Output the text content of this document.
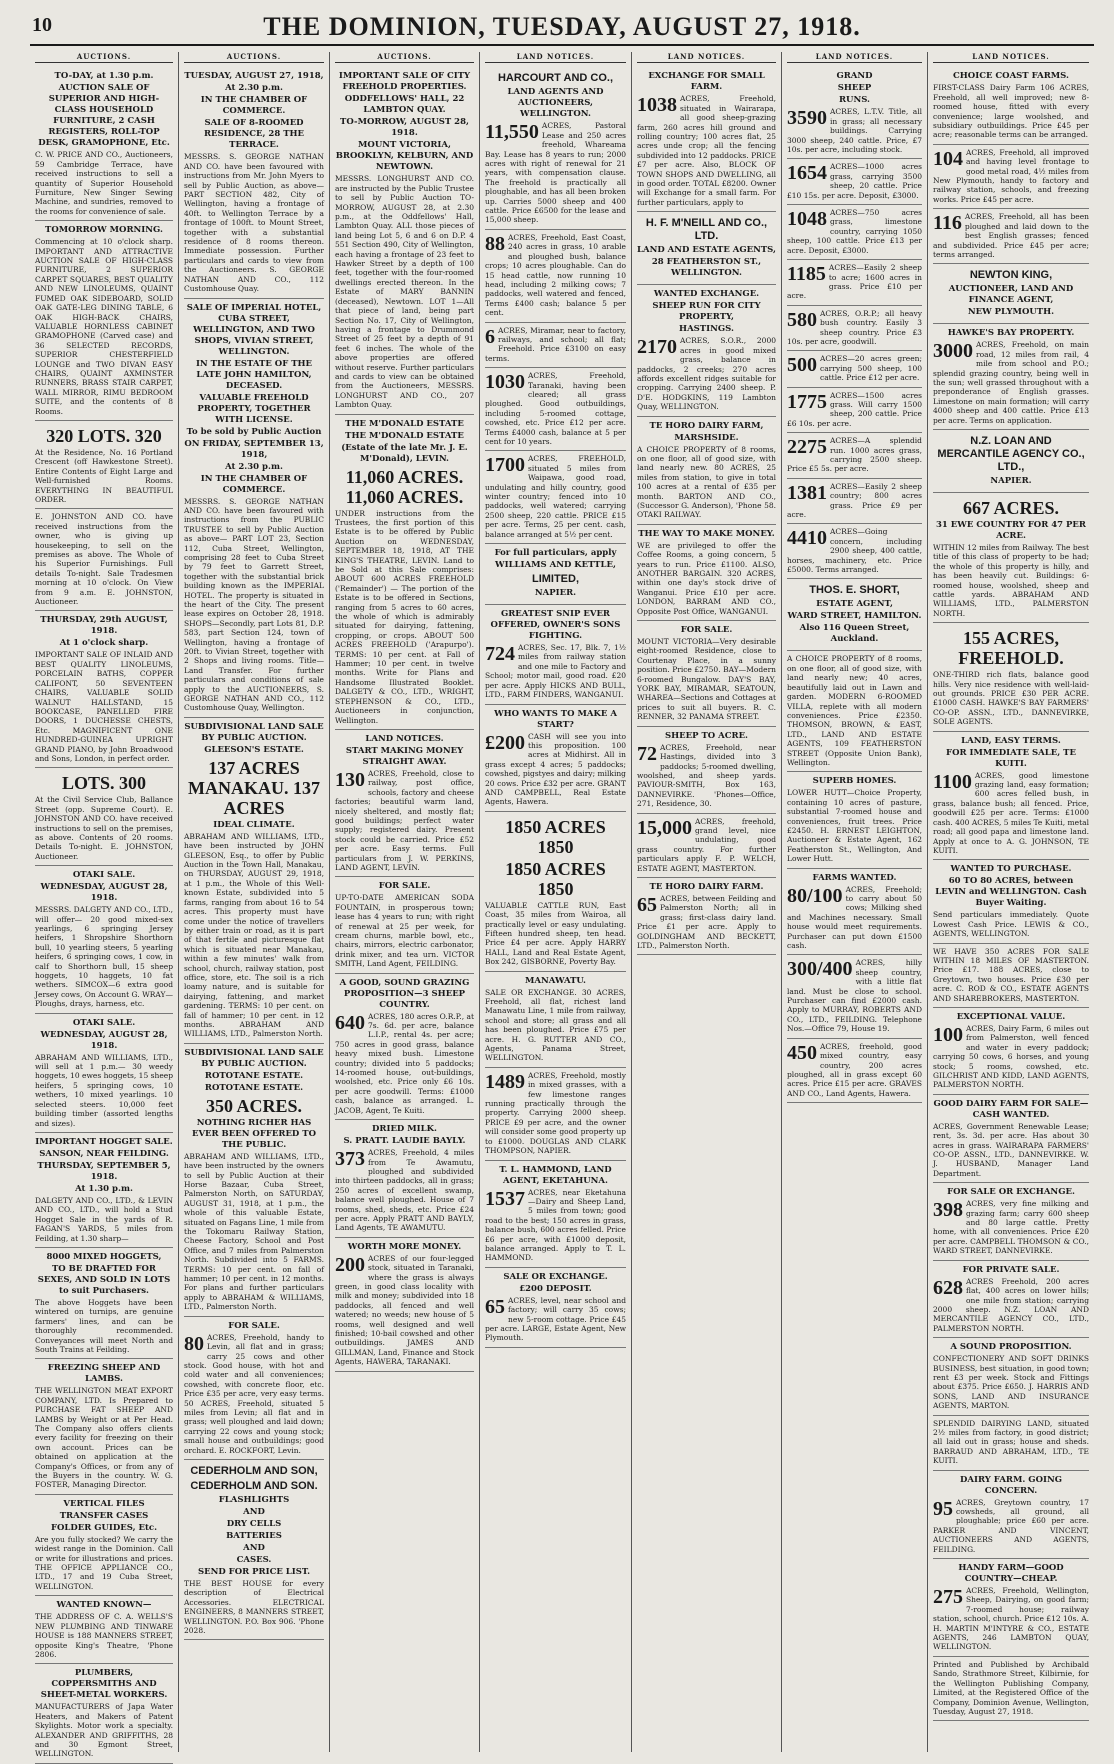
10	THE DOMINION, TUESDAY, AUGUST 27, 1918.
AUCTIONS.
TO-DAY, at 1.30 p.m.
AUCTION SALE OF SUPERIOR AND HIGH-CLASS HOUSEHOLD FURNITURE, 2 CASH REGISTERS, ROLL-TOP DESK, GRAMOPHONE, Etc.

C. W. PRICE AND CO., Auctioneers, 59 Cambridge Terrace, have received instructions to sell a quantity of Superior Household Furniture, New Singer Sewing Machine, and sundries, removed to the rooms for convenience of sale.

TOMORROW MORNING.

Commencing at 10 o'clock sharp. IMPORTANT AND ATTRACTIVE AUCTION SALE OF HIGH-CLASS FURNITURE, 2 SUPERIOR CARPET SQUARES, BEST QUALITY AND NEW LINOLEUMS, QUAINT FUMED OAK SIDEBOARD, SOLID OAK GATE-LEG DINING TABLE, 6 OAK HIGH-BACK CHAIRS, VALUABLE HORNLESS CABINET GRAMOPHONE (Carved case) and 36 SELECTED RECORDS, SUPERIOR CHESTERFIELD LOUNGE and TWO DIVAN EASY CHAIRS, QUAINT AXMINSTER RUNNERS, BRASS STAIR CARPET, WALL MIRROR, RIMU BEDROOM SUITE, and the contents of 8 Rooms.

320 LOTS. 320

At the Residence, No. 16 Portland Crescent (off Hawkestone Street). Entire Contents of Eight Large and Well-furnished Rooms. EVERYTHING IN BEAUTIFUL ORDER.

E. JOHNSTON AND CO. have received instructions from the owner, who is giving up housekeeping, to sell on the premises as above. The Whole of his Superior Furnishings. Full details To-night. Sale Tradesmen morning at 10 o'clock. On View from 9 a.m. E. JOHNSTON, Auctioneer.

THURSDAY, 29th AUGUST, 1918.
At 1 o'clock sharp.

IMPORTANT SALE OF INLAID AND BEST QUALITY LINOLEUMS, PORCELAIN BATHS, COPPER CALIFONT, 50 SEVENTEEN CHAIRS, VALUABLE SOLID WALNUT HALLSTAND, 15 BOOKCASE, PANELLED FIRE DOORS, 1 DUCHESSE CHESTS, Etc. MAGNIFICENT ONE HUNDRED-GUINEA UPRIGHT GRAND PIANO, by John Broadwood and Sons, London, in perfect order.

LOTS. 300

At the Civil Service Club, Ballance Street (opp. Supreme Court). E. JOHNSTON AND CO. have received instructions to sell on the premises, as above. Contents of 20 rooms. Details To-night. E. JOHNSTON, Auctioneer.

OTAKI SALE.
WEDNESDAY, AUGUST 28, 1918.

MESSRS. DALGETY AND CO., LTD., will offer— 20 good mixed-sex yearlings, 6 springing Jersey heifers, 1 Shropshire Shorthorn bull, 10 yearling steers, 5 yearling heifers, 6 springing cows, 1 cow, in calf to Shorthorn bull, 15 sheep hoggets, 10 haggets, 10 fat wethers. SIMCOX—6 extra good Jersey cows, On Account G. WRAY—Ploughs, drays, harness, etc.

OTAKI SALE.
WEDNESDAY, AUGUST 28, 1918.

ABRAHAM AND WILLIAMS, LTD., will sell at 1 p.m.— 30 weedy hoggets, 10 ewes hoggets, 15 sheep heifers, 5 springing cows, 10 wethers, 10 mixed yearlings. 10 selected steers. 10,000 feet building timber (assorted lengths and sizes).

IMPORTANT HOGGET SALE.
SANSON, NEAR FEILDING.
THURSDAY, SEPTEMBER 5, 1918.
At 1.30 p.m.

DALGETY AND CO., LTD., & LEVIN AND CO., LTD., will hold a Stud Hogget Sale in the yards of R. FAGAN'S YARDS, 5 miles from Feilding, at 1.30 sharp—

8000 MIXED HOGGETS,
TO BE DRAFTED FOR SEXES, AND SOLD IN LOTS to suit Purchasers.

The above Hoggets have been wintered on turnips, are genuine farmers' lines, and can be thoroughly recommended. Conveyances will meet North and South Trains at Feilding.

FREEZING SHEEP AND LAMBS.

THE WELLINGTON MEAT EXPORT COMPANY, LTD. Is Prepared to PURCHASE FAT SHEEP AND LAMBS by Weight or at Per Head. The Company also offers clients every facility for freezing on their own account. Prices can be obtained on application at the Company's Offices, or from any of the Buyers in the country. W. G. FOSTER, Managing Director.

VERTICAL FILES
TRANSFER CASES
FOLDER GUIDES, Etc.

Are you fully stocked? We carry the widest range in the Dominion. Call or write for illustrations and prices. THE OFFICE APPLIANCE CO., LTD., 17 and 19 Cuba Street, WELLINGTON.

WANTED KNOWN—

THE ADDRESS OF C. A. WELLS'S NEW PLUMBING AND TINWARE HOUSE is 188 MANNERS STREET, opposite King's Theatre, 'Phone 2806.

PLUMBERS, COPPERSMITHS AND SHEET-METAL WORKERS.

MANUFACTURERS of Japa Water Heaters, and Makers of Patent Skylights. Motor work a specialty. ALEXANDER AND GRIFFITHS, 28 and 30 Egmont Street, WELLINGTON.

AUCTIONS.
TUESDAY, AUGUST 27, 1918,
At 2.30 p.m.
IN THE CHAMBER OF COMMERCE.
SALE OF 8-ROOMED RESIDENCE, 28 THE TERRACE.

MESSRS. S. GEORGE NATHAN AND CO. have been favoured with instructions from Mr. John Myers to sell by Public Auction, as above— PART SECTION 482, City of Wellington, having a frontage of 40ft. to Wellington Terrace by a frontage of 100ft. to Mount Street, together with a substantial residence of 8 rooms thereon. Immediate possession. Further particulars and cards to view from the Auctioneers. S. GEORGE NATHAN AND CO., 112 Customhouse Quay.

SALE OF IMPERIAL HOTEL, CUBA STREET, WELLINGTON, AND TWO SHOPS, VIVIAN STREET, WELLINGTON.
IN THE ESTATE OF THE LATE JOHN HAMILTON, DECEASED.
VALUABLE FREEHOLD PROPERTY, TOGETHER WITH LICENSE.
To be sold by Public Auction
ON FRIDAY, SEPTEMBER 13, 1918,
At 2.30 p.m.
IN THE CHAMBER OF COMMERCE.

MESSRS. S. GEORGE NATHAN AND CO. have been favoured with instructions from the PUBLIC TRUSTEE to sell by Public Auction as above— PART LOT 23, Section 112, Cuba Street, Wellington, comprising 28 feet to Cuba Street by 79 feet to Garrett Street, together with the substantial brick building known as the IMPERIAL HOTEL. The property is situated in the heart of the City. The present lease expires on October 28, 1918. SHOPS—Secondly, part Lots 81, D.P. 583, part Section 124, town of Wellington, having a frontage of 20ft. to Vivian Street, together with 2 Shops and living rooms. Title—Land Transfer. For further particulars and conditions of sale apply to the AUCTIONEERS, S. GEORGE NATHAN AND CO., 112 Customhouse Quay, Wellington.

SUBDIVISIONAL LAND SALE BY PUBLIC AUCTION.
GLEESON'S ESTATE.
137 ACRES MANAKAU. 137 ACRES
IDEAL CLIMATE.

ABRAHAM AND WILLIAMS, LTD., have been instructed by JOHN GLEESON, Esq., to offer by Public Auction in the Town Hall, Manakau, on THURSDAY, AUGUST 29, 1918, at 1 p.m., the Whole of this Well-known Estate, subdivided into 5 farms, ranging from about 16 to 54 acres. This property must have come under the notice of travellers by either train or road, as it is part of that fertile and picturesque flat which is situated near Manakau, within a few minutes' walk from school, church, railway station, post office, store, etc. The soil is a rich loamy nature, and is suitable for dairying, fattening, and market gardening. TERMS: 10 per cent. on fall of hammer; 10 per cent. in 12 months. ABRAHAM AND WILLIAMS, LTD., Palmerston North.

SUBDIVISIONAL LAND SALE BY PUBLIC AUCTION.
ROTOTANE ESTATE.
ROTOTANE ESTATE.
350 ACRES.
NOTHING RICHER HAS EVER BEEN OFFERED TO THE PUBLIC.

ABRAHAM AND WILLIAMS, LTD., have been instructed by the owners to sell by Public Auction at their Horse Bazaar, Cuba Street, Palmerston North, on SATURDAY, AUGUST 31, 1918, at 1 p.m., the whole of this valuable Estate, situated on Fagans Line, 1 mile from the Tokomaru Railway Station, Cheese Factory, School and Post Office, and 7 miles from Palmerston North. Subdivided into 5 FARMS. TERMS: 10 per cent. on fall of hammer; 10 per cent. in 12 months. For plans and further particulars apply to ABRAHAM & WILLIAMS, LTD., Palmerston North.

FOR SALE.
80 ACRES, Freehold, handy to Levin, all flat and in grass; carry 25 cows and other stock. Good house, with hot and cold water and all conveniences; cowshed, with concrete floor, etc. Price £35 per acre, very easy terms. 50 ACRES, Freehold, situated 5 miles from Levin; all flat and in grass; well ploughed and laid down; carrying 22 cows and young stock; small house and outbuildings; good orchard. E. ROCKFORT, Levin.

CEDERHOLM AND SON,
CEDERHOLM AND SON.
FLASHLIGHTS
AND
DRY CELLS
BATTERIES
AND
CASES.
SEND FOR PRICE LIST.

THE BEST HOUSE for every description of Electrical Accessories. ELECTRICAL ENGINEERS, 8 MANNERS STREET, WELLINGTON. P.O. Box 906. 'Phone 2028.

AUCTIONS.
IMPORTANT SALE OF CITY FREEHOLD PROPERTIES.
ODDFELLOWS' HALL, 22 LAMBTON QUAY.
TO-MORROW, AUGUST 28, 1918.
MOUNT VICTORIA, BROOKLYN, KELBURN, AND NEWTOWN.

MESSRS. LONGHURST AND CO. are instructed by the Public Trustee to sell by Public Auction TO-MORROW, AUGUST 28, at 2.30 p.m., at the Oddfellows' Hall, Lambton Quay. ALL those pieces of land being Lot 5, 6 and 6 on D.P. 4 551 Section 490, City of Wellington, each having a frontage of 23 feet to Hawker Street by a depth of 100 feet, together with the four-roomed dwellings erected thereon. In the Estate of MARY BANNIN (deceased), Newtown. LOT 1—All that piece of land, being part Section No. 17, City of Wellington, having a frontage to Drummond Street of 25 feet by a depth of 91 feet 6 inches. The whole of the above properties are offered without reserve. Further particulars and cards to view can be obtained from the Auctioneers, MESSRS. LONGHURST AND CO., 207 Lambton Quay.

THE M'DONALD ESTATE
THE M'DONALD ESTATE
(Estate of the late Mr. J. E. M'Donald), LEVIN.
11,060 ACRES. 11,060 ACRES.

UNDER instructions from the Trustees, the first portion of this Estate is to be offered by Public Auction on WEDNESDAY, SEPTEMBER 18, 1918, AT THE KING'S THEATRE, LEVIN. Land to be Sold at this Sale comprises: ABOUT 600 ACRES FREEHOLD ('Remainder') — The portion of the Estate is to be offered in Sections, ranging from 5 acres to 60 acres, the whole of which is admirably situated for dairying, fattening, cropping, or crops. ABOUT 500 ACRES FREEHOLD ('Arapurpo'). TERMS: 10 per cent. at Fall of Hammer; 10 per cent. in twelve months. Write for Plans and Handsome Illustrated Booklet. DALGETY & CO., LTD., WRIGHT, STEPHENSON & CO., LTD., Auctioneers in conjunction, Wellington.

LAND NOTICES.
START MAKING MONEY STRAIGHT AWAY.
130 ACRES, Freehold, close to railway, post office, schools, factory and cheese factories; beautiful warm land, nicely sheltered, and mostly flat; good buildings; perfect water supply; registered dairy. Present stock could be carried. Price £52 per acre. Easy terms. Full particulars from J. W. PERKINS, LAND AGENT, LEVIN.

FOR SALE.

UP-TO-DATE AMERICAN SODA FOUNTAIN, in prosperous town; lease has 4 years to run; with right of renewal at 25 per week, for cream churns, marble bowl, etc., chairs, mirrors, electric carbonator, drink mixer, and tea urn. VICTOR SMITH, Land Agent, FEILDING.

A GOOD, SOUND GRAZING PROPOSITION—3 SHEEP COUNTRY.
640 ACRES, 180 acres O.R.P., at 7s. 6d. per acre, balance L.I.P., rental 4s. per acre; 750 acres in good grass, balance heavy mixed bush. Limestone country; divided into 5 paddocks; 14-roomed house, out-buildings, woolshed, etc. Price only £6 10s. per acre goodwill. Terms: £1000 cash, balance as arranged. L. JACOB, Agent, Te Kuiti.

DRIED MILK.
S. PRATT. LAUDIE BAYLY.
373 ACRES, Freehold, 4 miles from Te Awamutu, ploughed and subdivided into thirteen paddocks, all in grass; 250 acres of excellent swamp, balance well ploughed. House of 7 rooms, shed, sheds, etc. Price £24 per acre. Apply PRATT AND BAYLY, Land Agents, TE AWAMUTU.

WORTH MORE MONEY.
200 ACRES of our four-legged stock, situated in Taranaki, where the grass is always green, in good class locality with milk and money; subdivided into 18 paddocks, all fenced and well watered; no weeds; new house of 5 rooms, well designed and well finished; 10-bail cowshed and other outbuildings. JAMES AND GILLMAN, Land, Finance and Stock Agents, HAWERA, TARANAKI.

LAND NOTICES.
HARCOURT AND CO.,
LAND AGENTS AND AUCTIONEERS, WELLINGTON.
11,550 ACRES, Pastoral Lease and 250 acres freehold, Whareama Bay. Lease has 8 years to run; 2000 acres with right of renewal for 21 years, with compensation clause. The freehold is practically all ploughable, and has all been broken up. Carries 5000 sheep and 400 cattle. Price £6500 for the lease and 15,000 sheep.

88 ACRES, Freehold, East Coast, 240 acres in grass, 10 arable and ploughed bush, balance crops; 10 acres ploughable. Can do 15 head cattle, now running 10 head, including 2 milking cows; 7 paddocks, well watered and fenced, Terms £400 cash; balance 5 per cent.

6 ACRES, Miramar, near to factory, railways, and school; all flat; Freehold. Price £3100 on easy terms.

1030 ACRES, Freehold, Taranaki, having been cleared; all grass ploughed. Good outbuildings, including 5-roomed cottage, cowshed, etc. Price £12 per acre. Terms £4000 cash, balance at 5 per cent for 10 years.

1700 ACRES, FREEHOLD, situated 5 miles from Waipawa, good road, undulating and hilly country, good winter country; fenced into 10 paddocks, well watered; carrying 2500 sheep, 220 cattle. PRICE £15 per acre. Terms, 25 per cent. cash, balance arranged at 5½ per cent.

For full particulars, apply
WILLIAMS AND KETTLE,
LIMITED,
NAPIER.
GREATEST SNIP EVER OFFERED, OWNER'S SONS FIGHTING.
724 ACRES, Sec. 17, Blk. 7, 1½ miles from railway station and one mile to Factory and School; motor mail, good road. £20 per acre. Apply HICKS AND BULL, LTD., FARM FINDERS, WANGANUI.

WHO WANTS TO MAKE A START?
£200 CASH will see you into this proposition. 100 acres at Midhirst. All in grass except 4 acres; 5 paddocks; cowshed, pigstyes and dairy; milking 20 cows. Price £32 per acre. GRANT AND CAMPBELL, Real Estate Agents, Hawera.

1850 ACRES 1850
1850 ACRES 1850

VALUABLE CATTLE RUN, East Coast, 35 miles from Wairoa, all practically level or easy undulating. Fifteen hundred sheep, ten head. Price £4 per acre. Apply HARRY HALL, Land and Real Estate Agent, Box 242, GISBORNE, Poverty Bay.

MANAWATU.

SALE OR EXCHANGE. 30 ACRES, Freehold, all flat, richest land Manawatu Line, 1 mile from railway, school and store; all grass and all has been ploughed. Price £75 per acre. H. G. RUTTER AND CO., Agents, Panama Street, WELLINGTON.

1489 ACRES, Freehold, mostly in mixed grasses, with a few limestone ranges running practically through the property. Carrying 2000 sheep. PRICE £9 per acre, and the owner will consider some good property up to £1000. DOUGLAS AND CLARK THOMPSON, NAPIER.

T. L. HAMMOND, LAND AGENT, EKETAHUNA.
1537 ACRES, near Eketahuna—Dairy and Sheep Land, 5 miles from town; good road to the best; 150 acres in grass, balance bush, 600 acres felled. Price £6 per acre, with £1000 deposit, balance arranged. Apply to T. L. HAMMOND.

SALE OR EXCHANGE.
£200 DEPOSIT.
65 ACRES, level, near school and factory; will carry 35 cows; new 5-room cottage. Price £45 per acre. LARGE, Estate Agent, New Plymouth.

LAND NOTICES.
EXCHANGE FOR SMALL FARM.
1038 ACRES, Freehold, situated in Wairarapa, all good sheep-grazing farm, 260 acres hill ground and rolling country; 100 acres flat, 25 acres unde crop; all the fencing subdivided into 12 paddocks. PRICE £7 per acre. Also, BLOCK OF TOWN SHOPS AND DWELLING, all in good order. TOTAL £8200. Owner will Exchange for a small farm. For further particulars, apply to

H. F. M'NEILL AND CO., LTD.
LAND AND ESTATE AGENTS,
28 FEATHERSTON ST., WELLINGTON.
WANTED EXCHANGE.
SHEEP RUN FOR CITY PROPERTY,
HASTINGS.
2170 ACRES, S.O.R., 2000 acres in good mixed grass, balance in paddocks, 2 creeks; 270 acres affords excellent ridges suitable for cropping. Carrying 2400 sheep. P. D'E. HODGKINS, 119 Lambton Quay, WELLINGTON.

TE HORO DAIRY FARM,
MARSHSIDE.

A CHOICE PROPERTY of 8 rooms, on one floor, all of good size, with land nearly new. 80 ACRES, 25 miles from station, to give in total 100 acres at a rental of £35 per month. BARTON AND CO., (Successor G. Anderson), 'Phone 58. OTAKI RAILWAY.

THE WAY TO MAKE MONEY.

WE are privileged to offer the Coffee Rooms, a going concern, 5 years to run. Price £1100. ALSO, ANOTHER BARGAIN. 320 ACRES, within one day's stock drive of Wanganui. Price £10 per acre. LONDON, BARRAM AND CO., Opposite Post Office, WANGANUI.

FOR SALE.

MOUNT VICTORIA—Very desirable eight-roomed Residence, close to Courtenay Place, in a sunny position. Price £2750. BAY—Modern 6-roomed Bungalow. DAY'S BAY, YORK BAY, MIRAMAR, SEATOUN, WHAREA—Sections and Cottages at prices to suit all buyers. R. C. RENNER, 32 PANAMA STREET.

SHEEP TO ACRE.
72 ACRES, Freehold, near Hastings, divided into 3 paddocks; 5-roomed dwelling, woolshed, and sheep yards. PAVIOUR-SMITH, Box 163, DANNEVIRKE. 'Phones—Office, 271, Residence, 30.

15,000 ACRES, freehold, grand level, nice undulating, good grass country. For further particulars apply F. P. WELCH, ESTATE AGENT, MASTERTON.

TE HORO DAIRY FARM.
65 ACRES, between Feilding and Palmerston North; all in grass; first-class dairy land. Price £1 per acre. Apply to GOLDINGHAM AND BECKETT, LTD., Palmerston North.

LAND NOTICES.
GRAND
SHEEP
RUNS.
3590 ACRES, L.T.V. Title, all in grass; all necessary buildings. Carrying 3000 sheep, 240 cattle. Price, £7 10s. per acre, including stock.

1654 ACRES—1000 acres grass, carrying 3500 sheep, 20 cattle. Price £10 15s. per acre. Deposit, £3000.

1048 ACRES—750 acres grass, limestone country, carrying 1050 sheep, 100 cattle. Price £13 per acre. Deposit, £3000.

1185 ACRES—Easily 2 sheep to acre; 1600 acres in grass. Price £10 per acre.

580 ACRES, O.R.P.; all heavy bush country. Easily 3 sheep country. Price £3 10s. per acre, goodwill.

500 ACRES—20 acres green; carrying 500 sheep, 100 cattle. Price £12 per acre.

1775 ACRES—1500 acres grass. Will carry 1500 sheep, 200 cattle. Price £6 10s. per acre.

2275 ACRES—A splendid run. 1000 acres grass, carrying 2500 sheep. Price £5 5s. per acre.

1381 ACRES—Easily 2 sheep country; 800 acres grass. Price £9 per acre.

4410 ACRES—Going concern, including 2900 sheep, 400 cattle, horses, machinery, etc. Price £5000. Terms arranged.

THOS. E. SHORT,
ESTATE AGENT,
WARD STREET, HAMILTON.
Also 116 Queen Street, Auckland.

A CHOICE PROPERTY of 8 rooms, on one floor, all of good size, with land nearly new; 40 acres, beautifully laid out in Lawn and garden. MODERN 6-ROOMED VILLA, replete with all modern conveniences. Price £2350. THOMSON, BROWN, & EAST, LTD., LAND AND ESTATE AGENTS, 109 FEATHERSTON STREET (Opposite Union Bank), Wellington.

SUPERB HOMES.

LOWER HUTT—Choice Property, containing 10 acres of pasture, substantial 7-roomed house and conveniences, fruit trees. Price £2450. H. ERNEST LEIGHTON, Auctioneer & Estate Agent, 162 Featherston St., Wellington, And Lower Hutt.

FARMS WANTED.
80/100 ACRES, Freehold; to carry about 50 cows; Milking shed and Machines necessary. Small house would meet requirements. Purchaser can put down £1500 cash.

300/400 ACRES, hilly sheep country, with a little flat land. Must be close to school. Purchaser can find £2000 cash. Apply to MURRAY, ROBERTS AND CO., LTD., FEILDING. Telephone Nos.—Office 79, House 19.

450 ACRES, freehold, good mixed country, easy country, 200 acres ploughed, all in grass except 60 acres. Price £15 per acre. GRAVES AND CO., Land Agents, Hawera.

LAND NOTICES.
CHOICE COAST FARMS.

FIRST-CLASS Dairy Farm 106 ACRES, Freehold, all well improved; new 8-roomed house, fitted with every convenience; large woolshed, and subsidiary outbuildings. Price £45 per acre; reasonable terms can be arranged.

104 ACRES, Freehold, all improved and having level frontage to good metal road, 4½ miles from New Plymouth, handy to factory and railway station, schools, and freezing works. Price £45 per acre.

116 ACRES, Freehold, all has been ploughed and laid down to the best English grasses; fenced and subdivided. Price £45 per acre; terms arranged.

NEWTON KING,
AUCTIONEER, LAND AND FINANCE AGENT,
NEW PLYMOUTH.
HAWKE'S BAY PROPERTY.
3000 ACRES, Freehold, on main road, 12 miles from rail, 4 mile from school and P.O.; splendid grazing country, being well in the sun; well grassed throughout with a preponderance of English grasses. Limestone on main formation; will carry 4000 sheep and 400 cattle. Price £13 per acre. Terms on application.

N.Z. LOAN AND MERCANTILE AGENCY CO., LTD.,
NAPIER.
667 ACRES.
31 EWE COUNTRY FOR 47 PER ACRE.

WITHIN 12 miles from Railway. The best title of this class of property to be had; the whole of this property is hilly, and has been heavily cut. Buildings: 6-roomed house, woolshed, sheep and cattle yards. ABRAHAM AND WILLIAMS, LTD., PALMERSTON NORTH.

155 ACRES, FREEHOLD.

ONE-THIRD rich flats, balance good hills. Very nice residence with well-laid-out grounds. PRICE £30 PER ACRE. £1000 CASH. HAWKE'S BAY FARMERS' CO-OP. ASSN., LTD., DANNEVIRKE, SOLE AGENTS.

LAND, EASY TERMS.
FOR IMMEDIATE SALE, TE KUITI.
1100 ACRES, good limestone grazing land, easy formation; 600 acres felled bush, in grass, balance bush; all fenced. Price, goodwill £25 per acre. Terms: £1000 cash. 400 ACRES, 5 miles Te Kuiti, metal road; all good papa and limestone land. Apply at once to A. G. JOHNSON, TE KUITI.

WANTED TO PURCHASE.
60 TO 80 ACRES, between LEVIN and WELLINGTON. Cash Buyer Waiting.

Send particulars immediately. Quote Lowest Cash Price. LEWIS & CO., AGENTS, WELLINGTON.

WE HAVE 350 ACRES FOR SALE WITHIN 18 MILES OF MASTERTON. Price £17. 188 ACRES, close to Greytown, two houses. Price £30 per acre. C. ROD & CO., ESTATE AGENTS AND SHAREBROKERS, MASTERTON.

EXCEPTIONAL VALUE.
100 ACRES, Dairy Farm, 6 miles out from Palmerston, well fenced and water in every paddock; carrying 50 cows, 6 horses, and young stock; 5 rooms, cowshed, etc. GILCHRIST AND KIDD, LAND AGENTS, PALMERSTON NORTH.

GOOD DAIRY FARM FOR SALE—CASH WANTED.

ACRES, Government Renewable Lease; rent, 3s. 3d. per acre. Has about 30 acres in grass. WAIRARAPA FARMERS' CO-OP. ASSN., LTD., DANNEVIRKE. W. J. HUSBAND, Manager Land Department.

FOR SALE OR EXCHANGE.
398 ACRES, very fine milking and grazing farm; carry 600 sheep and 80 large cattle. Pretty home, with all conveniences. Price £20 per acre. CAMPBELL THOMSON & CO., WARD STREET, DANNEVIRKE.

FOR PRIVATE SALE.
628 ACRES Freehold, 200 acres flat, 400 acres on lower hills; one mile from station; carrying 2000 sheep. N.Z. LOAN AND MERCANTILE AGENCY CO., LTD., PALMERSTON NORTH.

A SOUND PROPOSITION.

CONFECTIONERY AND SOFT DRINKS BUSINESS, best situation, in good town; rent £3 per week. Stock and Fittings about £375. Price £650. J. HARRIS AND SONS, LAND AND INSURANCE AGENTS, MARTON.

SPLENDID DAIRYING LAND, situated 2½ miles from factory, in good district; all laid out in grass; house and sheds. BARRAUD AND ABRAHAM, LTD., TE KUITI.

DAIRY FARM. GOING CONCERN.
95 ACRES, Greytown country, 17 cowsheds, all ground, all ploughable; price £60 per acre. PARKER AND VINCENT, AUCTIONEERS AND AGENTS, FEILDING.

HANDY FARM—GOOD COUNTRY—CHEAP.
275 ACRES, Freehold, Wellington, Sheep, Dairying, on good farm; 7-roomed house; railway station, school, church. Price £12 10s. A. H. MARTIN M'INTYRE & CO., ESTATE AGENTS, 246 LAMBTON QUAY, WELLINGTON.

Printed and Published by Archibald Sando, Strathmore Street, Kilbirnie, for the Wellington Publishing Company, Limited, at the Registered Office of the Company, Dominion Avenue, Wellington, Tuesday, August 27, 1918.
